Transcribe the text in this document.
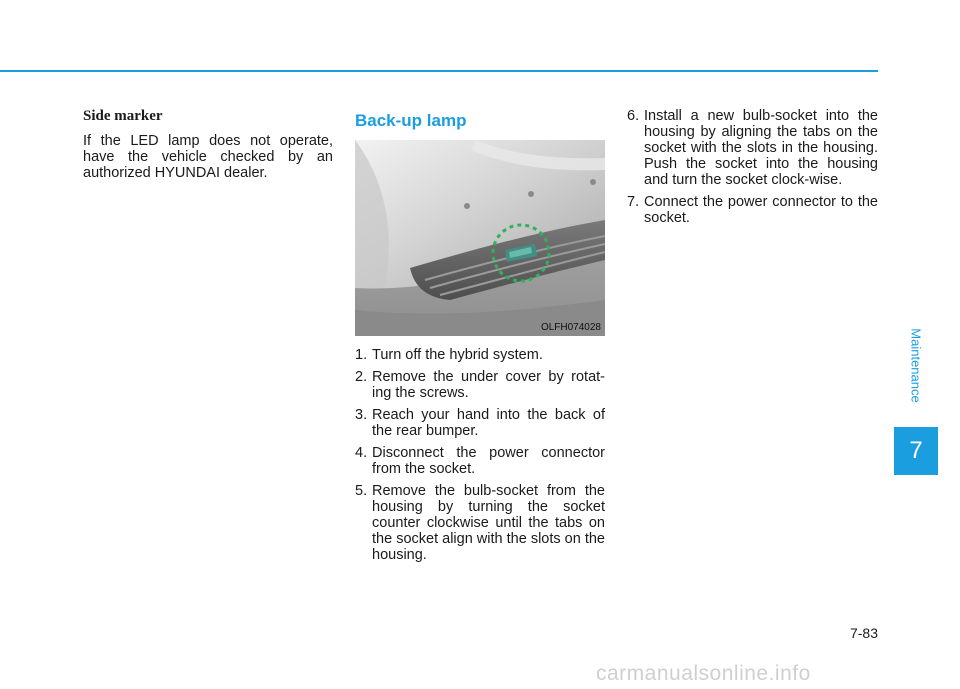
Side marker

If the LED lamp does not operate, have the vehicle checked by an authorized HYUNDAI dealer.

Back-up lamp
OLFH074028
1. Turn off the hybrid system.
2. Remove the under cover by rotat-ing the screws.
3. Reach your hand into the back of the rear bumper.
4. Disconnect the power connector from the socket.
5. Remove the bulb-socket from the housing by turning the socket counter clockwise until the tabs on the socket align with the slots on the housing.
6. Install a new bulb-socket into the housing by aligning the tabs on the socket with the slots in the housing. Push the socket into the housing and turn the socket clock-wise.
7. Connect the power connector to the socket.
Maintenance
7
7-83
carmanualsonline.info
